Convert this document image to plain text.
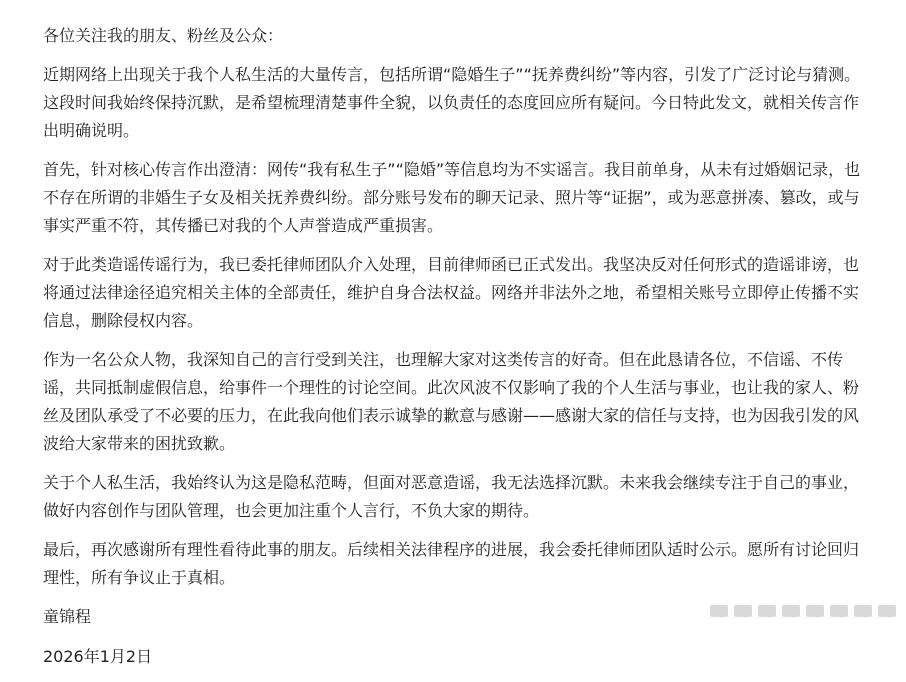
各位关注我的朋友、粉丝及公众：
近期网络上出现关于我个人私生活的大量传言，包括所谓“隐婚生子”“抚养费纠纷”等内容，引发了广泛讨论与猜测。
这段时间我始终保持沉默，是希望梳理清楚事件全貌，以负责任的态度回应所有疑问。今日特此发文，就相关传言作
出明确说明。
首先，针对核心传言作出澄清：网传“我有私生子”“隐婚”等信息均为不实谣言。我目前单身，从未有过婚姻记录，也
不存在所谓的非婚生子女及相关抚养费纠纷。部分账号发布的聊天记录、照片等“证据”，或为恶意拼凑、篡改，或与
事实严重不符，其传播已对我的个人声誉造成严重损害。
对于此类造谣传谣行为，我已委托律师团队介入处理，目前律师函已正式发出。我坚决反对任何形式的造谣诽谤，也
将通过法律途径追究相关主体的全部责任，维护自身合法权益。网络并非法外之地，希望相关账号立即停止传播不实
信息，删除侵权内容。
作为一名公众人物，我深知自己的言行受到关注，也理解大家对这类传言的好奇。但在此恳请各位，不信谣、不传
谣，共同抵制虚假信息，给事件一个理性的讨论空间。此次风波不仅影响了我的个人生活与事业，也让我的家人、粉
丝及团队承受了不必要的压力，在此我向他们表示诚挚的歉意与感谢——感谢大家的信任与支持，也为因我引发的风
波给大家带来的困扰致歉。
关于个人私生活，我始终认为这是隐私范畴，但面对恶意造谣，我无法选择沉默。未来我会继续专注于自己的事业，
做好内容创作与团队管理，也会更加注重个人言行，不负大家的期待。
最后，再次感谢所有理性看待此事的朋友。后续相关法律程序的进展，我会委托律师团队适时公示。愿所有讨论回归
理性，所有争议止于真相。
童锦程
2026年1月2日
